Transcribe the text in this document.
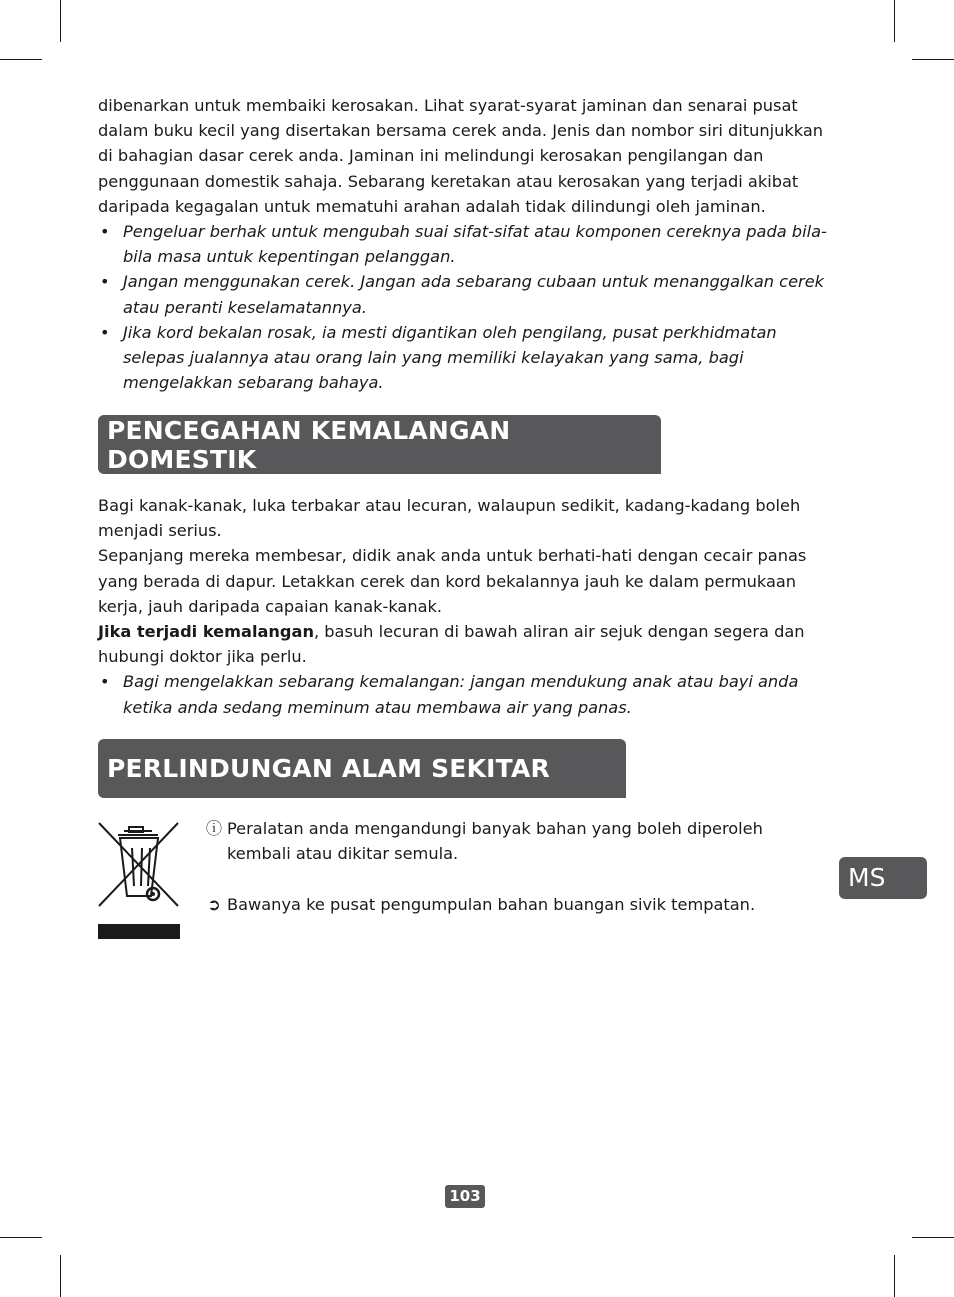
dibenarkan untuk membaiki kerosakan. Lihat syarat-syarat jaminan dan senarai pusat dalam buku kecil yang disertakan bersama cerek anda. Jenis dan nombor siri ditunjukkan di bahagian dasar cerek anda. Jaminan ini melindungi kerosakan pengilangan dan penggunaan domestik sahaja. Sebarang keretakan atau kerosakan yang terjadi akibat daripada kegagalan untuk mematuhi arahan adalah tidak dilindungi oleh jaminan.

• Pengeluar berhak untuk mengubah suai sifat-sifat atau komponen cereknya pada bila-bila masa untuk kepentingan pelanggan.
• Jangan menggunakan cerek. Jangan ada sebarang cubaan untuk menanggalkan cerek atau peranti keselamatannya.
• Jika kord bekalan rosak, ia mesti digantikan oleh pengilang, pusat perkhidmatan selepas jualannya atau orang lain yang memiliki kelayakan yang sama, bagi mengelakkan sebarang bahaya.
PENCEGAHAN KEMALANGAN DOMESTIK

Bagi kanak-kanak, luka terbakar atau lecuran, walaupun sedikit, kadang-kadang boleh menjadi serius.

Sepanjang mereka membesar, didik anak anda untuk berhati-hati dengan cecair panas yang berada di dapur. Letakkan cerek dan kord bekalannya jauh ke dalam permukaan kerja, jauh daripada capaian kanak-kanak.

Jika terjadi kemalangan, basuh lecuran di bawah aliran air sejuk dengan segera dan hubungi doktor jika perlu.

• Bagi mengelakkan sebarang kemalangan: jangan mendukung anak atau bayi anda ketika anda sedang meminum atau membawa air yang panas.
PERLINDUNGAN ALAM SEKITAR
ⓘ Peralatan anda mengandungi banyak bahan yang boleh diperoleh kembali atau dikitar semula.
➲ Bawanya ke pusat pengumpulan bahan buangan sivik tempatan.
MS
103
